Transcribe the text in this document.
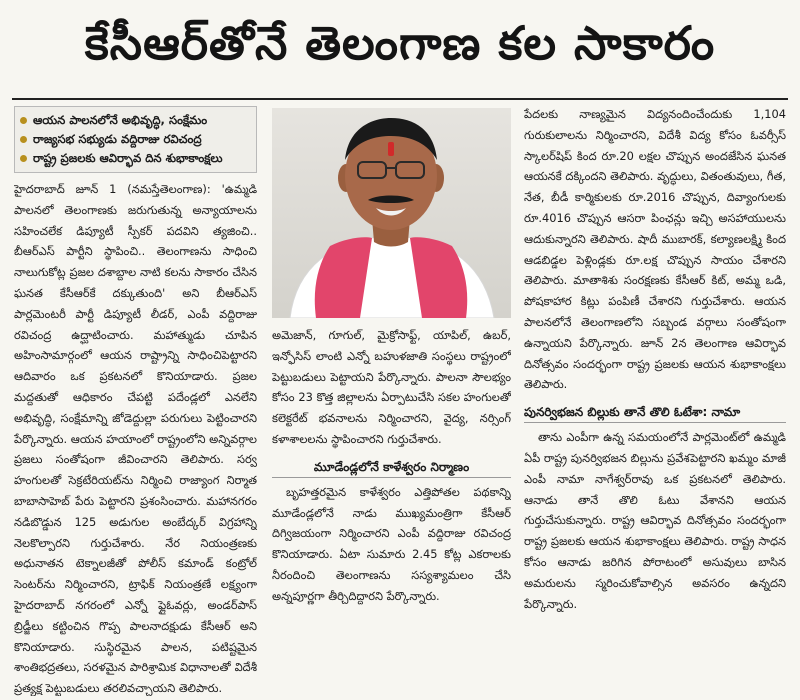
కేసీఆర్‌తోనే తెలంగాణ కల సాకారం
ఆయన పాలనలోనే అభివృద్ధి, సంక్షేమం
రాజ్యసభ సభ్యుడు వద్దిరాజు రవిచంద్ర
రాష్ట్ర ప్రజలకు ఆవిర్భావ దిన శుభాకాంక్షలు

హైదరాబాద్ జూన్ 1 (నమస్తేతెలంగాణ): 'ఉమ్మడి పాలనలో తెలంగాణకు జరుగుతున్న అన్యాయాలను సహించలేక డిప్యూటీ స్పీకర్ పదవిని త్యజించి.. బీఆర్ఎస్ పార్టీని స్థాపించి.. తెలంగాణను సాధించి నాలుగుకోట్ల ప్రజల దశాబ్దాల నాటి కలను సాకారం చేసిన ఘనత కేసీఆర్‌కే దక్కుతుంది' అని బీఆర్ఎస్ పార్లమెంటరీ పార్టీ డిప్యూటీ లీడర్, ఎంపీ వద్దిరాజు రవిచంద్ర ఉద్ఘాటించారు. మహాత్ముడు చూపిన అహింసామార్గంలో ఆయన రాష్ట్రాన్ని సాధించిపెట్టారని ఆదివారం ఒక ప్రకటనలో కొనియాడారు. ప్రజల మద్దతుతో ఆధికారం చేపట్టి పదేండ్లలో ఎనలేని అభివృద్ధి, సంక్షేమాన్ని జోడెద్దుల్లా పరుగులు పెట్టించారని పేర్కొన్నారు. ఆయన హయాంలో రాష్ట్రంలోని అన్నివర్గాల ప్రజలు సంతోషంగా జీవించారని తెలిపారు. సర్వ హంగులతో సెక్రటేరియట్‌ను నిర్మించి రాజ్యాంగ నిర్మాత బాబాసాహెబ్ పేరు పెట్టారని ప్రశంసించారు. మహానగరం నడిబొడ్డున 125 అడుగుల అంబేద్కర్ విగ్రహాన్ని నెలకొల్పారని గుర్తుచేశారు. నేర నియంత్రణకు అధునాతన టెక్నాలజీతో పోలీస్ కమాండ్ కంట్రోల్ సెంటర్‌ను నిర్మించారని, ట్రాఫిక్ నియంత్రణే లక్ష్యంగా హైదరాబాద్ నగరంలో ఎన్నో ఫ్లైఓవర్లు, అండర్‌పాస్ బ్రిడ్జీలు కట్టించిన గొప్ప పాలనాదక్షుడు కేసీఆర్ అని కొనియాడారు. సుస్థిరమైన పాలన, పటిష్టమైన శాంతిభద్రతలు, సరళమైన పారిశ్రామిక విధానాలతో విదేశీ ప్రత్యక్ష పెట్టుబడులు తరలివచ్చాయని తెలిపారు.

అమెజాన్, గూగుల్, మైక్రోసాఫ్ట్, యాపిల్, ఉబర్, ఇన్ఫోసిస్ లాంటి ఎన్నో బహుళజాతి సంస్థలు రాష్ట్రంలో పెట్టుబడులు పెట్టాయని పేర్కొన్నారు. పాలనా సౌలభ్యం కోసం 23 కొత్త జిల్లాలను ఏర్పాటుచేసి సకల హంగులతో కలెక్టరేట్ భవనాలను నిర్మించారని, వైద్య, నర్సింగ్ కళాశాలలను స్థాపించారని గుర్తుచేశారు.

మూడేండ్లలోనే కాళేశ్వరం నిర్మాణం

బృహత్తరమైన కాళేశ్వరం ఎత్తిపోతల పథకాన్ని మూడేండ్లలోనే నాడు ముఖ్యమంత్రిగా కేసీఆర్ దిగ్విజయంగా నిర్మించారని ఎంపీ వద్దిరాజు రవిచంద్ర కొనియాడారు. ఏటా సుమారు 2.45 కోట్ల ఎకరాలకు నీరందించి తెలంగాణను సస్యశ్యామలం చేసి అన్నపూర్ణగా తీర్చిదిద్దారని పేర్కొన్నారు.

పేదలకు నాణ్యమైన విద్యనందించేందుకు 1,104 గురుకులాలను నిర్మించారని, విదేశీ విద్య కోసం ఓవర్సీస్ స్కాలర్‌షిప్ కింద రూ.20 లక్షల చొప్పున అందజేసిన ఘనత ఆయనకే దక్కిందని తెలిపారు. వృద్ధులు, వితంతువులు, గీత, నేత, బీడీ కార్మికులకు రూ.2016 చొప్పున, దివ్యాంగులకు రూ.4016 చొప్పున ఆసరా పింఛన్లు ఇచ్చి అసహాయులను ఆదుకున్నారని తెలిపారు. షాదీ ముబారక్, కల్యాణలక్ష్మి కింద ఆడబిడ్డల పెళ్లిండ్లకు రూ.లక్ష చొప్పున సాయం చేశారని తెలిపారు. మాతాశిశు సంరక్షణకు కేసీఆర్ కిట్, అమ్మ ఒడి, పోషకాహార కిట్లు పంపిణీ చేశారని గుర్తుచేశారు. ఆయన పాలనలోనే తెలంగాణలోని సబ్బండ వర్గాలు సంతోషంగా ఉన్నాయని పేర్కొన్నారు. జూన్ 2న తెలంగాణ ఆవిర్భావ దినోత్సవం సందర్భంగా రాష్ట్ర ప్రజలకు ఆయన శుభాకాంక్షలు తెలిపారు.

పునర్విభజన బిల్లుకు తానే తొలి ఓటేశా: నామా

తాను ఎంపీగా ఉన్న సమయంలోనే పార్లమెంట్‌లో ఉమ్మడి ఏపీ రాష్ట్ర పునర్విభజన బిల్లును ప్రవేశపెట్టారని ఖమ్మం మాజీ ఎంపీ నామా నాగేశ్వర్‌రావు ఒక ప్రకటనలో తెలిపారు. ఆనాడు తానే తొలి ఓటు వేశానని ఆయన గుర్తుచేసుకున్నారు. రాష్ట్ర ఆవిర్భావ దినోత్సవం సందర్భంగా రాష్ట్ర ప్రజలకు ఆయన శుభాకాంక్షలు తెలిపారు. రాష్ట్ర సాధన కోసం ఆనాడు జరిగిన పోరాటంలో అసువులు బాసిన అమరులను స్మరించుకోవాల్సిన అవసరం ఉన్నదని పేర్కొన్నారు.
